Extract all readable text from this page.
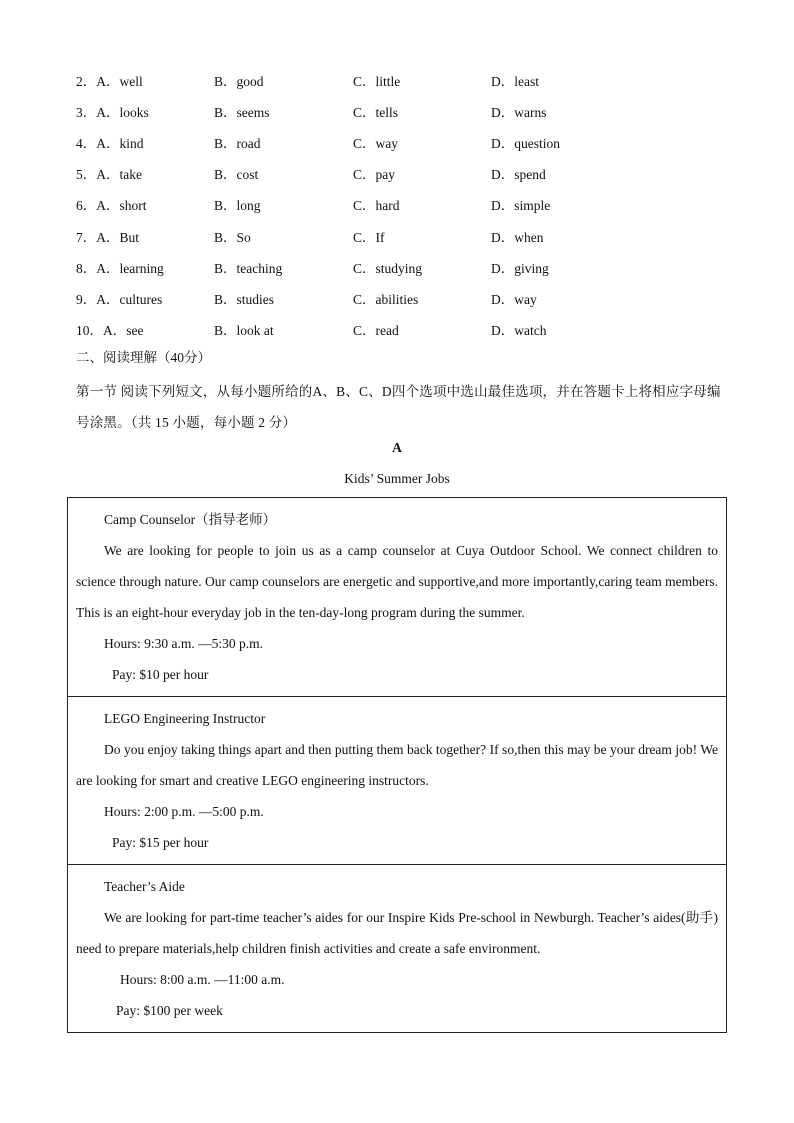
2．A．well	B．good	C．little	D．least
3．A．looks	B．seems	C．tells	D．warns
4．A．kind	B．road	C．way	D．question
5．A．take	B．cost	C．pay	D．spend
6．A．short	B．long	C．hard	D．simple
7．A．But	B．So	C．If	D．when
8．A．learning	B．teaching	C．studying	D．giving
9．A．cultures	B．studies	C．abilities	D．way
10．A．see	B．look at	C．read	D．watch
二、阅读理解（40分）
第一节 阅读下列短文，从每小题所给的A、B、C、D四个选项中选山最佳选项，并在答题卡上将相应字母编号涂黑。（共 15 小题，每小题 2 分）
A
Kids’ Summer Jobs
Camp Counselor（指导老师）
We are looking for people to join us as a camp counselor at Cuya Outdoor School. We connect children to science through nature. Our camp counselors are energetic and supportive,and more importantly,caring team members. This is an eight-hour everyday job in the ten-day-long program during the summer.
Hours: 9:30 a.m. —5:30 p.m.
Pay: $10 per hour
LEGO Engineering Instructor
Do you enjoy taking things apart and then putting them back together? If so,then this may be your dream job! We are looking for smart and creative LEGO engineering instructors.
Hours: 2:00 p.m. —5:00 p.m.
Pay: $15 per hour
Teacher’s Aide
We are looking for part-time teacher’s aides for our Inspire Kids Pre-school in Newburgh. Teacher’s aides(助手) need to prepare materials,help children finish activities and create a safe environment.
Hours: 8:00 a.m. —11:00 a.m.
Pay: $100 per week
